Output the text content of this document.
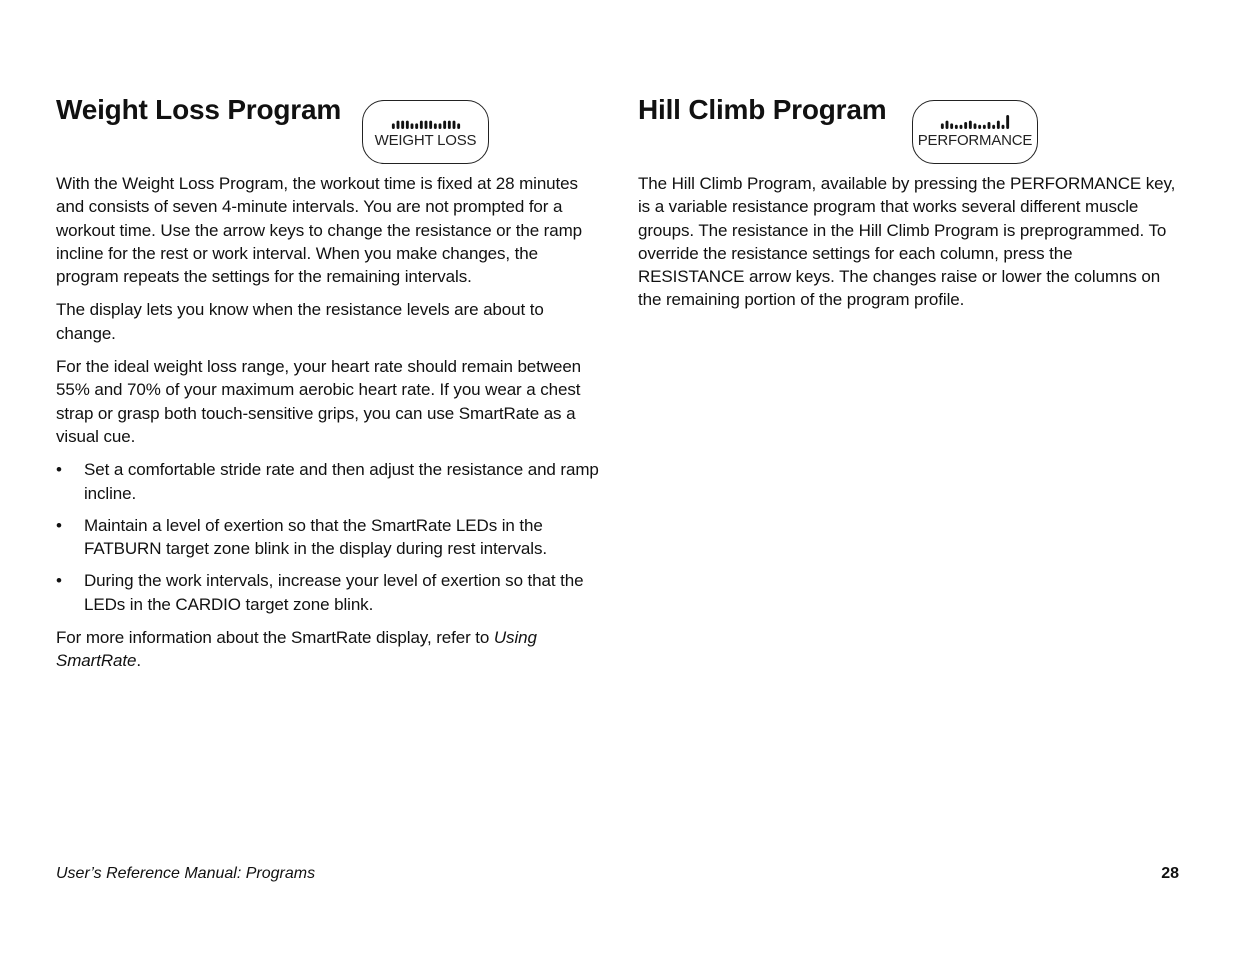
Weight Loss Program
WEIGHT LOSS

With the Weight Loss Program, the workout time is fixed at 28 minutes and consists of seven 4-minute intervals. You are not prompted for a workout time. Use the arrow keys to change the resistance or the ramp incline for the rest or work interval. When you make changes, the program repeats the settings for the remaining intervals.

The display lets you know when the resistance levels are about to change.

For the ideal weight loss range, your heart rate should remain between 55% and 70% of your maximum aerobic heart rate. If you wear a chest strap or grasp both touch-sensitive grips, you can use SmartRate as a visual cue.

• Set a comfortable stride rate and then adjust the resistance and ramp incline.
• Maintain a level of exertion so that the SmartRate LEDs in the FATBURN target zone blink in the display during rest intervals.
• During the work intervals, increase your level of exertion so that the LEDs in the CARDIO target zone blink.

For more information about the SmartRate display, refer to Using SmartRate.

Hill Climb Program
PERFORMANCE

The Hill Climb Program, available by pressing the PERFORMANCE key, is a variable resistance program that works several different muscle groups. The resistance in the Hill Climb Program is preprogrammed. To override the resistance settings for each column, press the RESISTANCE arrow keys. The changes raise or lower the columns on the remaining portion of the program profile.

User’s Reference Manual: Programs	28
